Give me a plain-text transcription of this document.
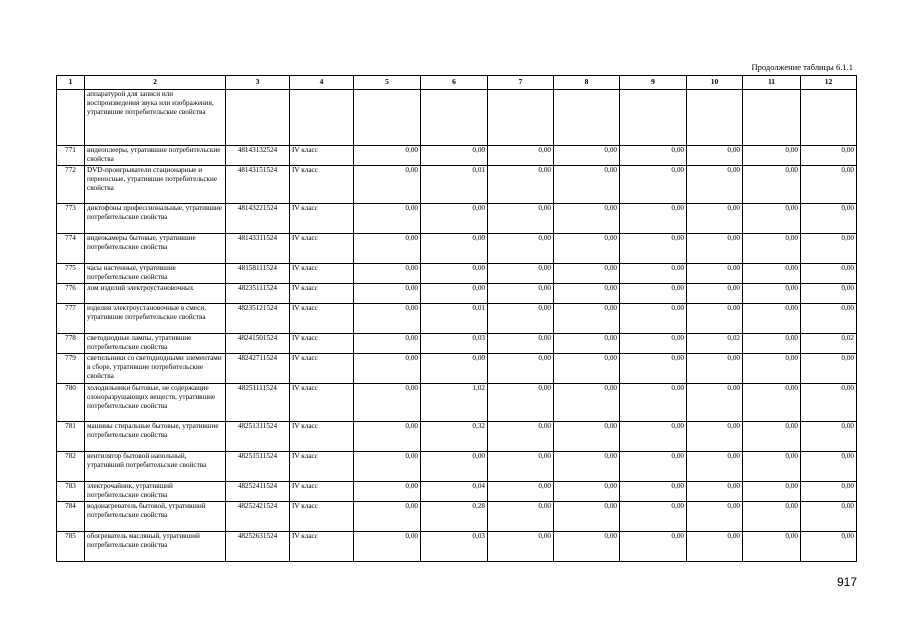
Продолжение таблицы 6.1.1
1	2	3	4	5	6	7	8	9	10	11	12
	аппаратурой для записи или воспроизведения звука или изображения, утратившие потребительские свойства										
771	видеоплееры, утратившие потребительские свойства	48143132524	IV класс	0,00	0,00	0,00	0,00	0,00	0,00	0,00	0,00
772	DVD-проигрыватели стационарные и переносные, утратившие потребительские свойства	48143151524	IV класс	0,00	0,01	0,00	0,00	0,00	0,00	0,00	0,00
773	диктофоны профессиональные, утратившие потребительские свойства	48143221524	IV класс	0,00	0,00	0,00	0,00	0,00	0,00	0,00	0,00
774	видеокамеры бытовые, утратившие потребительские свойства	48143311524	IV класс	0,00	0,00	0,00	0,00	0,00	0,00	0,00	0,00
775	часы настенные, утратившие потребительские свойства	48158111524	IV класс	0,00	0,00	0,00	0,00	0,00	0,00	0,00	0,00
776	лом изделий электроустановочных	48235111524	IV класс	0,00	0,00	0,00	0,00	0,00	0,00	0,00	0,00
777	изделия электроустановочные в смеси, утратившие потребительские свойства	48235121524	IV класс	0,00	0,01	0,00	0,00	0,00	0,00	0,00	0,00
778	светодиодные лампы, утратившие потребительские свойства	48241501524	IV класс	0,00	0,03	0,00	0,00	0,00	0,02	0,00	0,02
779	светильники со светодиодными элементами в сборе, утратившие потребительские свойства	48242711524	IV класс	0,00	0,00	0,00	0,00	0,00	0,00	0,00	0,00
780	холодильники бытовые, не содержащие озоноразрушающих веществ, утратившие потребительские свойства	48251111524	IV класс	0,00	1,02	0,00	0,00	0,00	0,00	0,00	0,00
781	машины стиральные бытовые, утратившие потребительские свойства	48251311524	IV класс	0,00	0,32	0,00	0,00	0,00	0,00	0,00	0,00
782	вентилятор бытовой напольный, утративший потребительские свойства	48251511524	IV класс	0,00	0,00	0,00	0,00	0,00	0,00	0,00	0,00
783	электрочайник, утративший потребительские свойства	48252411524	IV класс	0,00	0,04	0,00	0,00	0,00	0,00	0,00	0,00
784	водонагреватель бытовой, утративший потребительские свойства	48252421524	IV класс	0,00	0,28	0,00	0,00	0,00	0,00	0,00	0,00
785	обогреватель масляный, утративший потребительские свойства	48252631524	IV класс	0,00	0,03	0,00	0,00	0,00	0,00	0,00	0,00
917
